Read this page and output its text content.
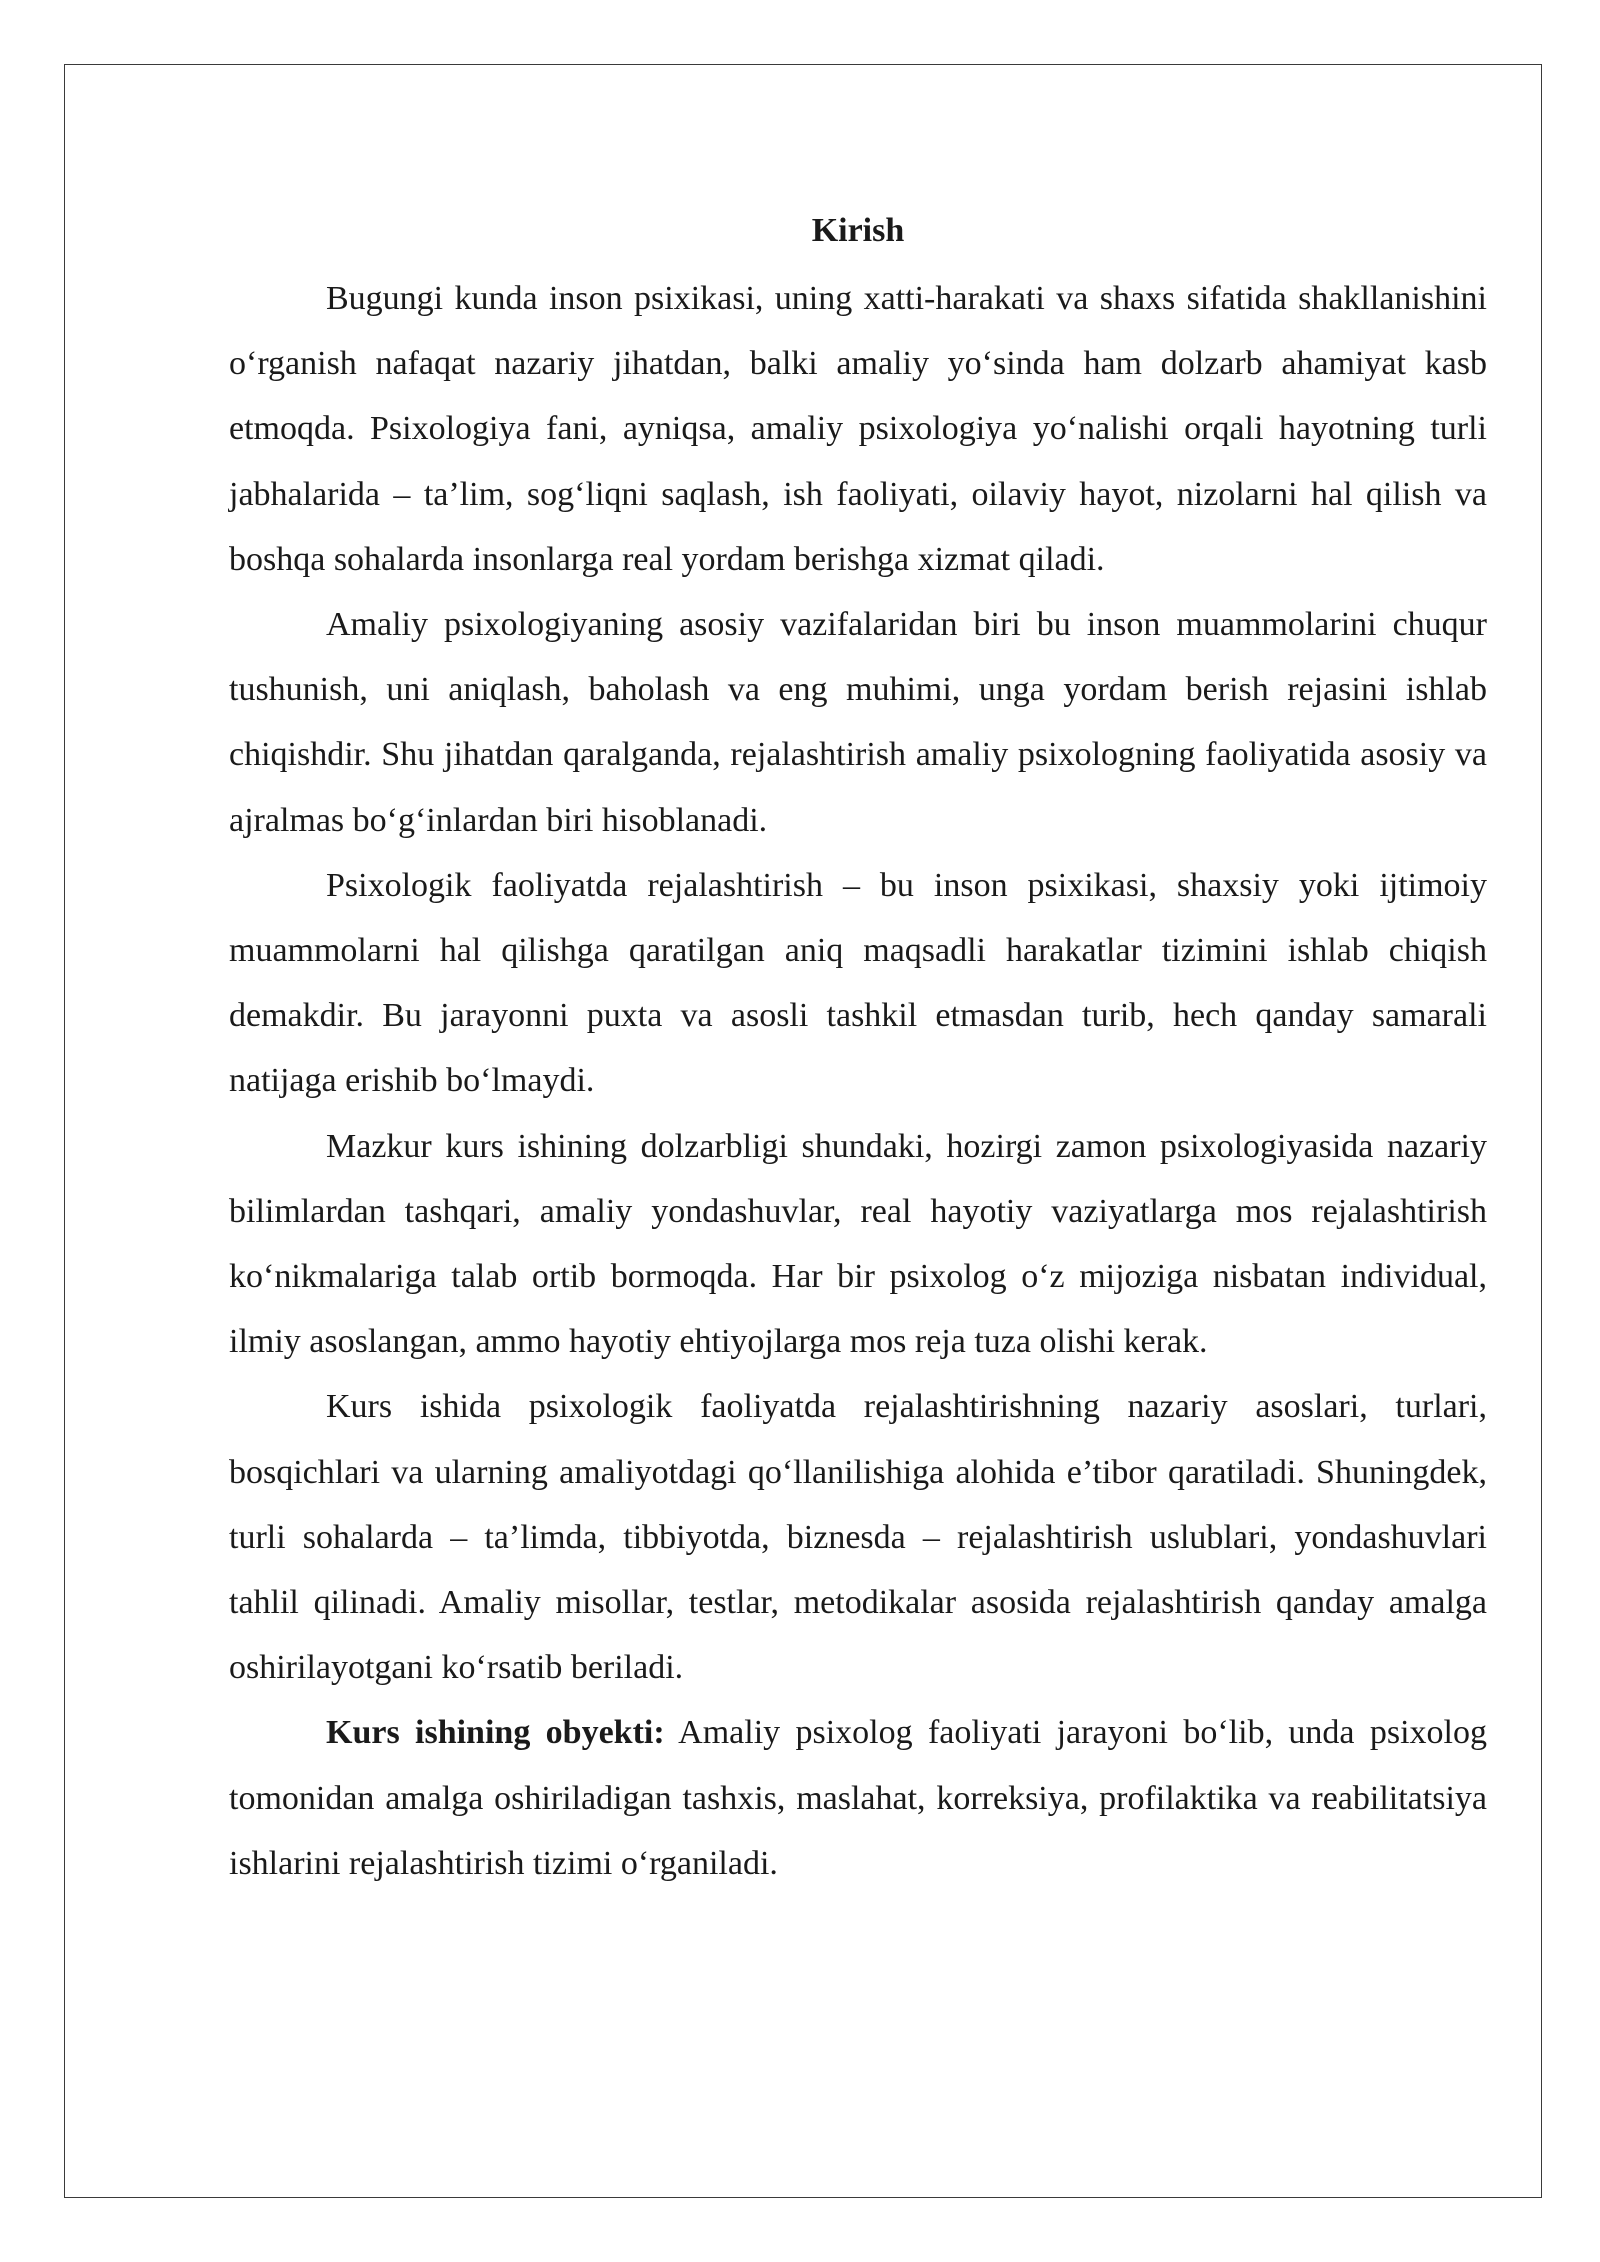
Kirish

Bugungi kunda inson psixikasi, uning xatti-harakati va shaxs sifatida shakllanishini o‘rganish nafaqat nazariy jihatdan, balki amaliy yo‘sinda ham dolzarb ahamiyat kasb etmoqda. Psixologiya fani, ayniqsa, amaliy psixologiya yo‘nalishi orqali hayotning turli jabhalarida – ta’lim, sog‘liqni saqlash, ish faoliyati, oilaviy hayot, nizolarni hal qilish va boshqa sohalarda insonlarga real yordam berishga xizmat qiladi.

Amaliy psixologiyaning asosiy vazifalaridan biri bu inson muammolarini chuqur tushunish, uni aniqlash, baholash va eng muhimi, unga yordam berish rejasini ishlab chiqishdir. Shu jihatdan qaralganda, rejalashtirish amaliy psixologning faoliyatida asosiy va ajralmas bo‘g‘inlardan biri hisoblanadi.

Psixologik faoliyatda rejalashtirish – bu inson psixikasi, shaxsiy yoki ijtimoiy muammolarni hal qilishga qaratilgan aniq maqsadli harakatlar tizimini ishlab chiqish demakdir. Bu jarayonni puxta va asosli tashkil etmasdan turib, hech qanday samarali natijaga erishib bo‘lmaydi.

Mazkur kurs ishining dolzarbligi shundaki, hozirgi zamon psixologiyasida nazariy bilimlardan tashqari, amaliy yondashuvlar, real hayotiy vaziyatlarga mos rejalashtirish ko‘nikmalariga talab ortib bormoqda. Har bir psixolog o‘z mijoziga nisbatan individual, ilmiy asoslangan, ammo hayotiy ehtiyojlarga mos reja tuza olishi kerak.

Kurs ishida psixologik faoliyatda rejalashtirishning nazariy asoslari, turlari, bosqichlari va ularning amaliyotdagi qo‘llanilishiga alohida e’tibor qaratiladi. Shuningdek, turli sohalarda – ta’limda, tibbiyotda, biznesda – rejalashtirish uslublari, yondashuvlari tahlil qilinadi. Amaliy misollar, testlar, metodikalar asosida rejalashtirish qanday amalga oshirilayotgani ko‘rsatib beriladi.

Kurs ishining obyekti: Amaliy psixolog faoliyati jarayoni bo‘lib, unda psixolog tomonidan amalga oshiriladigan tashxis, maslahat, korreksiya, profilaktika va reabilitatsiya ishlarini rejalashtirish tizimi o‘rganiladi.
